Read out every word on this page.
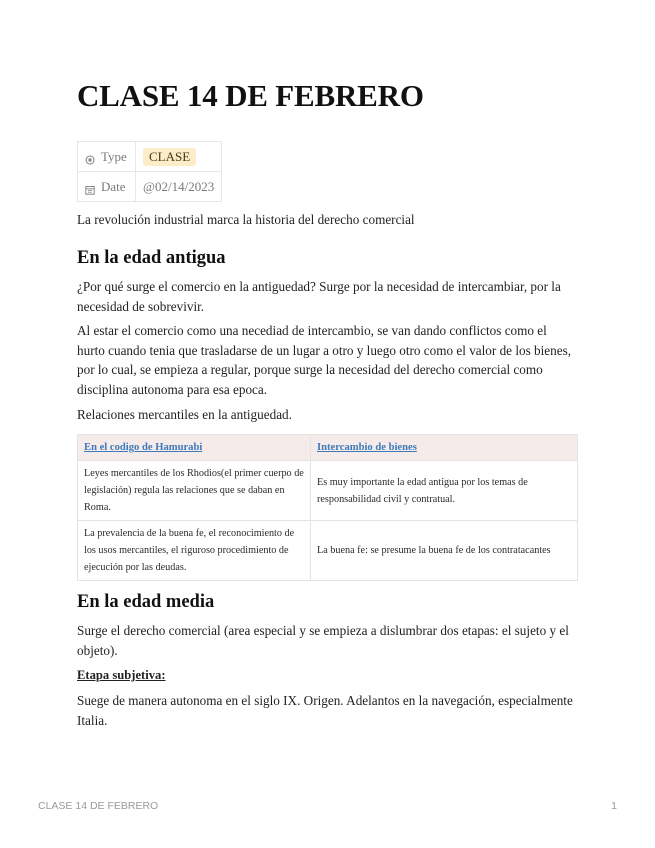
CLASE 14 DE FEBRERO
Type	CLASE
Date	@02/14/2023

La revolución industrial marca la historia del derecho comercial

En la edad antigua

¿Por qué surge el comercio en la antiguedad? Surge por la necesidad de intercambiar, por la necesidad de sobrevivir.

Al estar el comercio como una necediad de intercambio, se van dando conflictos como el hurto cuando tenia que trasladarse de un lugar a otro y luego otro como el valor de los bienes, por lo cual, se empieza a regular, porque surge la necesidad del derecho comercial como disciplina autonoma para esa epoca.

Relaciones mercantiles en la antiguedad.

En el codigo de Hamurabi	Intercambio de bienes
Leyes mercantiles de los Rhodios(el primer cuerpo de legislación) regula las relaciones que se daban en Roma.	Es muy importante la edad antigua por los temas de responsabilidad civil y contratual.
La prevalencia de la buena fe, el reconocimiento de los usos mercantiles, el riguroso procedimiento de ejecución por las deudas.	La buena fe: se presume la buena fe de los contratacantes
En la edad media

Surge el derecho comercial (area especial y se empieza a dislumbrar dos etapas: el sujeto y el objeto).

Etapa subjetiva:

Suege de manera autonoma en el siglo IX. Origen. Adelantos en la navegación, especialmente Italia.

CLASE 14 DE FEBRERO	1
